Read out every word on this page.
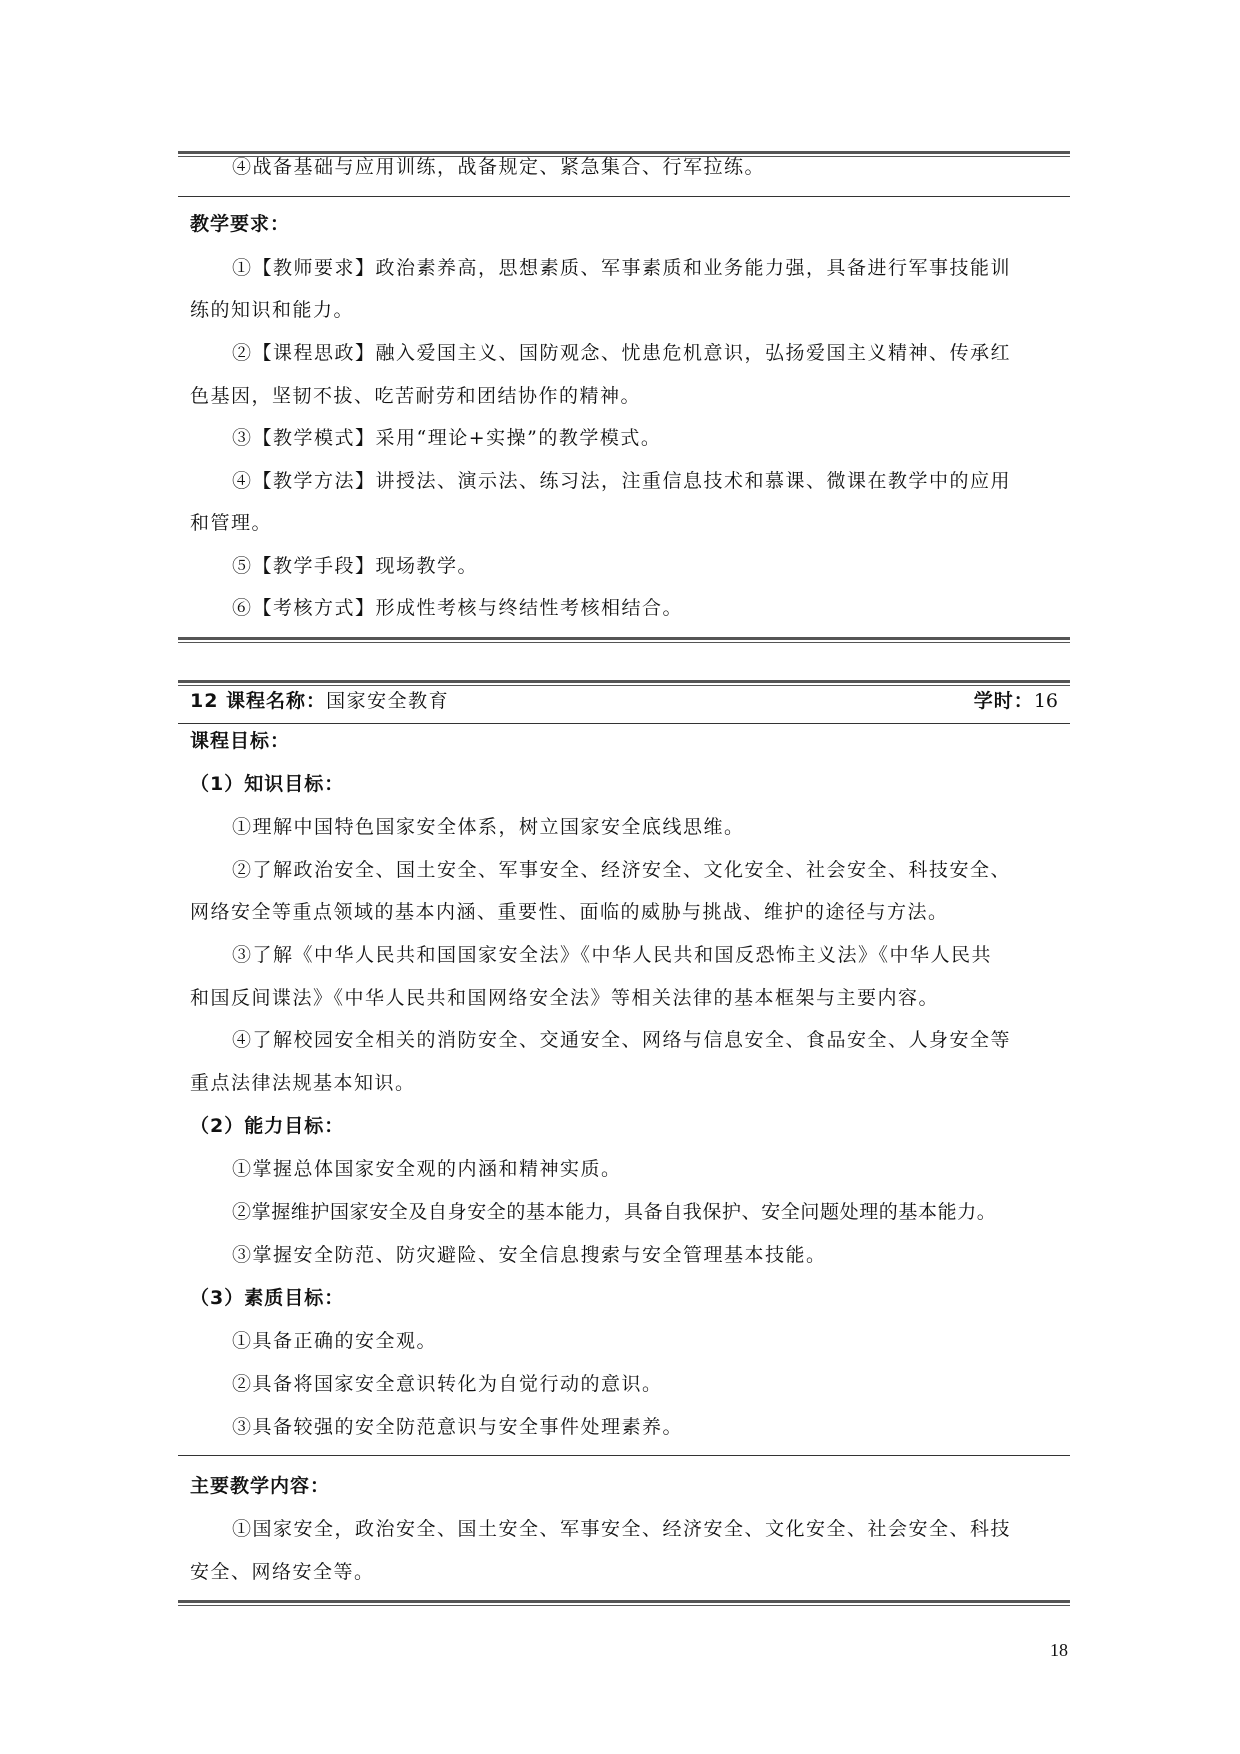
④战备基础与应用训练，战备规定、紧急集合、行军拉练。
教学要求：
①【教师要求】政治素养高，思想素质、军事素质和业务能力强，具备进行军事技能训
练的知识和能力。
②【课程思政】融入爱国主义、国防观念、忧患危机意识，弘扬爱国主义精神、传承红
色基因，坚韧不拔、吃苦耐劳和团结协作的精神。
③【教学模式】采用“理论+实操”的教学模式。
④【教学方法】讲授法、演示法、练习法，注重信息技术和慕课、微课在教学中的应用
和管理。
⑤【教学手段】现场教学。
⑥【考核方式】形成性考核与终结性考核相结合。
12 课程名称：国家安全教育	学时：16
课程目标：
（1）知识目标：
①理解中国特色国家安全体系，树立国家安全底线思维。
②了解政治安全、国土安全、军事安全、经济安全、文化安全、社会安全、科技安全、
网络安全等重点领域的基本内涵、重要性、面临的威胁与挑战、维护的途径与方法。
③了解《中华人民共和国国家安全法》《中华人民共和国反恐怖主义法》《中华人民共
和国反间谍法》《中华人民共和国网络安全法》等相关法律的基本框架与主要内容。
④了解校园安全相关的消防安全、交通安全、网络与信息安全、食品安全、人身安全等
重点法律法规基本知识。
（2）能力目标：
①掌握总体国家安全观的内涵和精神实质。
②掌握维护国家安全及自身安全的基本能力，具备自我保护、安全问题处理的基本能力。
③掌握安全防范、防灾避险、安全信息搜索与安全管理基本技能。
（3）素质目标：
①具备正确的安全观。
②具备将国家安全意识转化为自觉行动的意识。
③具备较强的安全防范意识与安全事件处理素养。
主要教学内容：
①国家安全，政治安全、国土安全、军事安全、经济安全、文化安全、社会安全、科技
安全、网络安全等。
18
